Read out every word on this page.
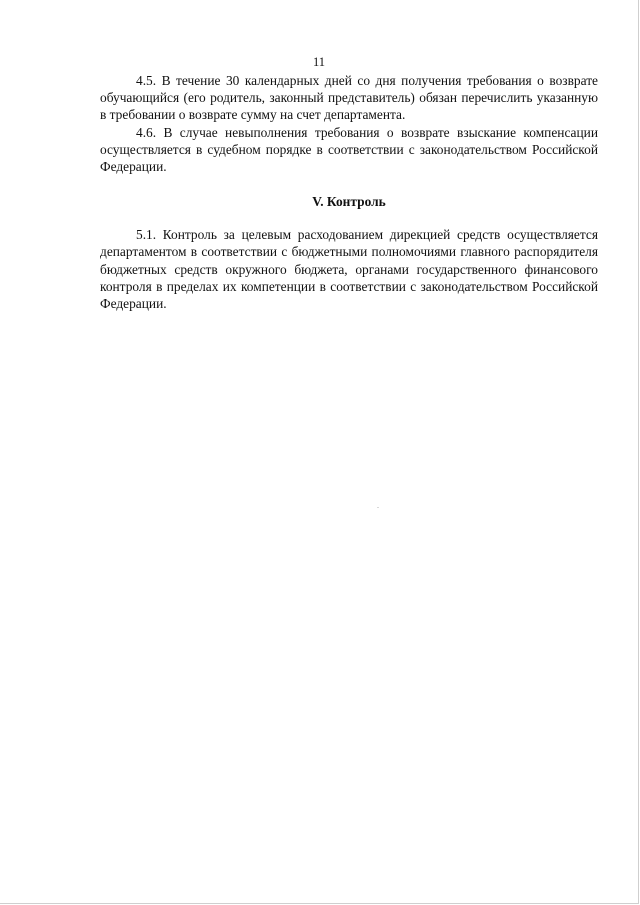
11

4.5. В течение 30 календарных дней со дня получения требования о возврате обучающийся (его родитель, законный представитель) обязан перечислить указанную в требовании о возврате сумму на счет департамента.

4.6. В случае невыполнения требования о возврате взыскание компенсации осуществляется в судебном порядке в соответствии с законодательством Российской Федерации.

V. Контроль

5.1. Контроль за целевым расходованием дирекцией средств осуществляется департаментом в соответствии с бюджетными полномочиями главного распорядителя бюджетных средств окружного бюджета, органами государственного финансового контроля в пределах их компетенции в соответствии с законодательством Российской Федерации.
